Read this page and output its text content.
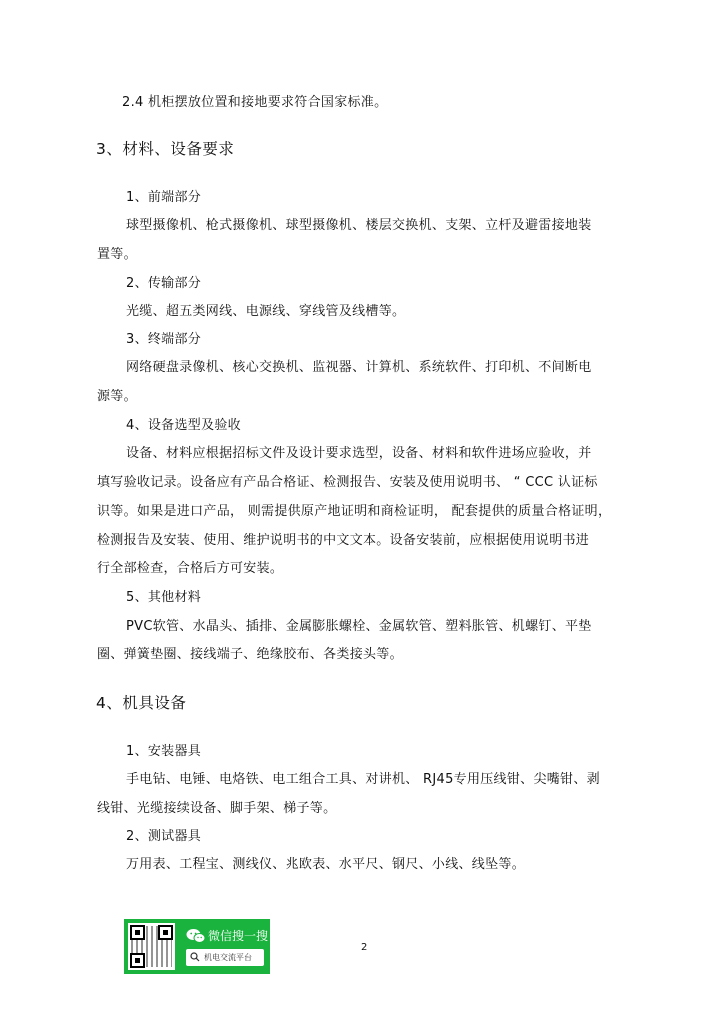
2.4 机柜摆放位置和接地要求符合国家标准。
3、材料、设备要求
1、前端部分
球型摄像机、枪式摄像机、球型摄像机、楼层交换机、支架、立杆及避雷接地装
置等。
2、传输部分
光缆、超五类网线、电源线、穿线管及线槽等。
3、终端部分
网络硬盘录像机、核心交换机、监视器、计算机、系统软件、打印机、不间断电
源等。
4、设备选型及验收
设备、材料应根据招标文件及设计要求选型，设备、材料和软件进场应验收，并
填写验收记录。设备应有产品合格证、检测报告、安装及使用说明书、 “ CCC 认证标
识等。如果是进口产品， 则需提供原产地证明和商检证明， 配套提供的质量合格证明，
检测报告及安装、使用、维护说明书的中文文本。设备安装前，应根据使用说明书进
行全部检查，合格后方可安装。
5、其他材料
PVC软管、水晶头、插排、金属膨胀螺栓、金属软管、塑料胀管、机螺钉、平垫
圈、弹簧垫圈、接线端子、绝缘胶布、各类接头等。
4、机具设备
1、安装器具
手电钻、电锤、电烙铁、电工组合工具、对讲机、 RJ45专用压线钳、尖嘴钳、剥
线钳、光缆接续设备、脚手架、梯子等。
2、测试器具
万用表、工程宝、测线仪、兆欧表、水平尺、钢尺、小线、线坠等。
微信搜一搜
机电交流平台
2
